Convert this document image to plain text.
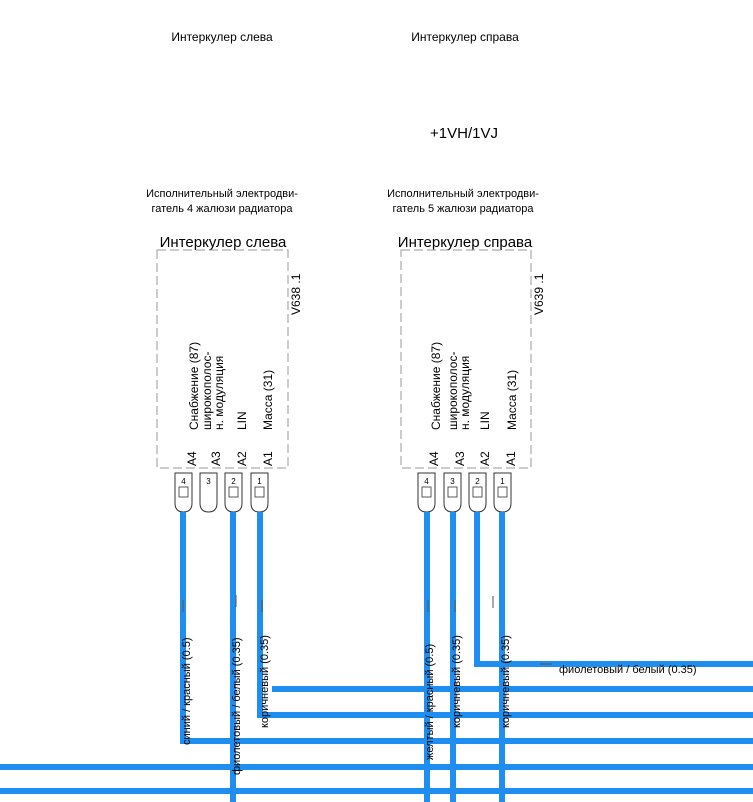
Интеркулер слева	Интеркулер справа
+1VH/1VJ
Исполнительный электродви-
гатель 4 жалюзи радиатора
Интеркулер слева
V638 .1
Снабжение (87) широкополос-
н. модуляция LIN Масса (31)
A4 A3 A2 A1
4	3	2	1
Исполнительный электродви-
гатель 5 жалюзи радиатора
Интеркулер справа
V639 .1
Снабжение (87) широкополос-
н. модуляция LIN Масса (31)
A4 A3 A2 A1
4	3	2	1
синий / красный (0.5)	фиолетовый / белый (0.35) коричневый (0.35)	желтый / красный (0.5) коричневый (0.35)	коричневый (0.35)	фиолетовый / белый (0.35)
